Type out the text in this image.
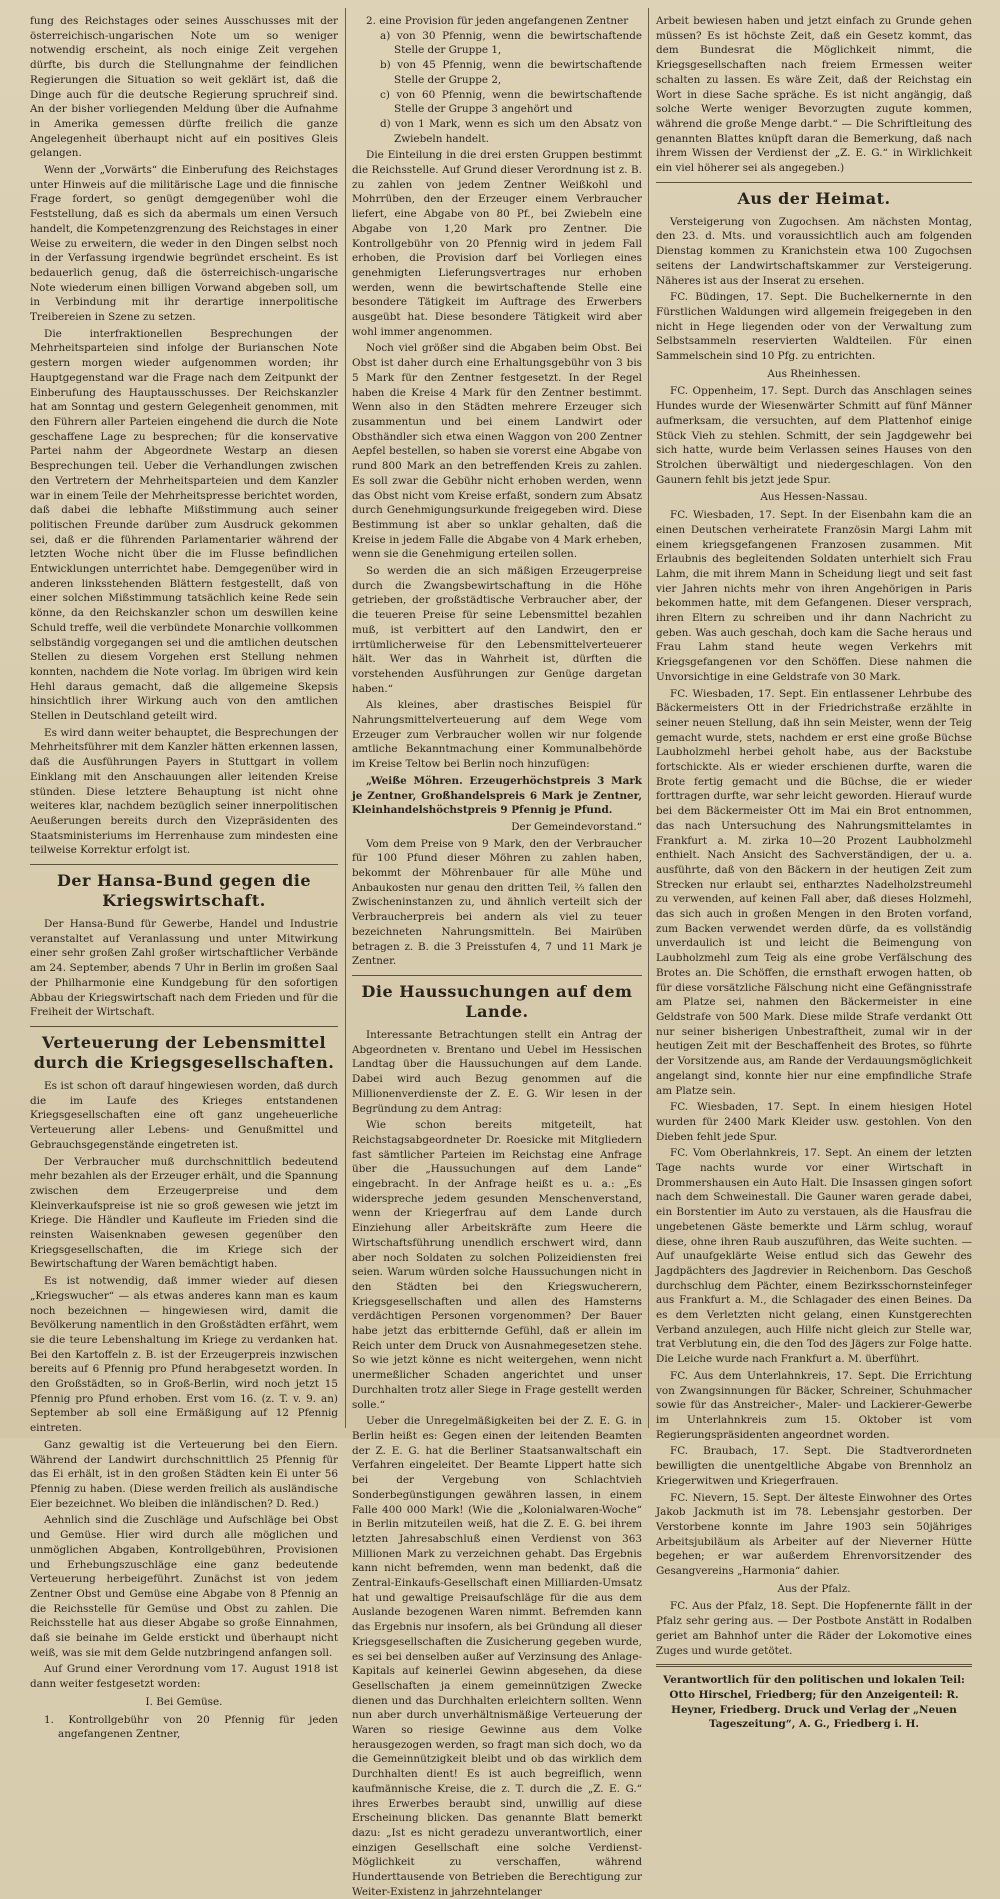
fung des Reichstages oder seines Ausschusses mit der österreichisch-ungarischen Note um so weniger notwendig erscheint, als noch einige Zeit vergehen dürfte, bis durch die Stellungnahme der feindlichen Regierungen die Situation so weit geklärt ist, daß die Dinge auch für die deutsche Regierung spruchreif sind. An der bisher vorliegenden Meldung über die Aufnahme in Amerika gemessen dürfte freilich die ganze Angelegenheit überhaupt nicht auf ein positives Gleis gelangen.

Wenn der „Vorwärts“ die Einberufung des Reichstages unter Hinweis auf die militärische Lage und die finnische Frage fordert, so genügt demgegenüber wohl die Feststellung, daß es sich da abermals um einen Versuch handelt, die Kompetenzgrenzung des Reichstages in einer Weise zu erweitern, die weder in den Dingen selbst noch in der Verfassung irgendwie begründet erscheint. Es ist bedauerlich genug, daß die österreichisch-ungarische Note wiederum einen billigen Vorwand abgeben soll, um in Verbindung mit ihr derartige innerpolitische Treibereien in Szene zu setzen.

Die interfraktionellen Besprechungen der Mehrheitsparteien sind infolge der Burianschen Note gestern morgen wieder aufgenommen worden; ihr Hauptgegenstand war die Frage nach dem Zeitpunkt der Einberufung des Hauptausschusses. Der Reichskanzler hat am Sonntag und gestern Gelegenheit genommen, mit den Führern aller Parteien eingehend die durch die Note geschaffene Lage zu besprechen; für die konservative Partei nahm der Abgeordnete Westarp an diesen Besprechungen teil. Ueber die Verhandlungen zwischen den Vertretern der Mehrheitsparteien und dem Kanzler war in einem Teile der Mehrheitspresse berichtet worden, daß dabei die lebhafte Mißstimmung auch seiner politischen Freunde darüber zum Ausdruck gekommen sei, daß er die führenden Parlamentarier während der letzten Woche nicht über die im Flusse befindlichen Entwicklungen unterrichtet habe. Demgegenüber wird in anderen linksstehenden Blättern festgestellt, daß von einer solchen Mißstimmung tatsächlich keine Rede sein könne, da den Reichskanzler schon um deswillen keine Schuld treffe, weil die verbündete Monarchie vollkommen selbständig vorgegangen sei und die amtlichen deutschen Stellen zu diesem Vorgehen erst Stellung nehmen konnten, nachdem die Note vorlag. Im übrigen wird kein Hehl daraus gemacht, daß die allgemeine Skepsis hinsichtlich ihrer Wirkung auch von den amtlichen Stellen in Deutschland geteilt wird.

Es wird dann weiter behauptet, die Besprechungen der Mehrheitsführer mit dem Kanzler hätten erkennen lassen, daß die Ausführungen Payers in Stuttgart in vollem Einklang mit den Anschauungen aller leitenden Kreise stünden. Diese letztere Behauptung ist nicht ohne weiteres klar, nachdem bezüglich seiner innerpolitischen Aeußerungen bereits durch den Vizepräsidenten des Staatsministeriums im Herrenhause zum mindesten eine teilweise Korrektur erfolgt ist.

Der Hansa-Bund gegen die Kriegswirtschaft.

Der Hansa-Bund für Gewerbe, Handel und Industrie veranstaltet auf Veranlassung und unter Mitwirkung einer sehr großen Zahl großer wirtschaftlicher Verbände am 24. September, abends 7 Uhr in Berlin im großen Saal der Philharmonie eine Kundgebung für den sofortigen Abbau der Kriegswirtschaft nach dem Frieden und für die Freiheit der Wirtschaft.

Verteuerung der Lebensmittel durch die Kriegsgesellschaften.

Es ist schon oft darauf hingewiesen worden, daß durch die im Laufe des Krieges entstandenen Kriegsgesellschaften eine oft ganz ungeheuerliche Verteuerung aller Lebens- und Genußmittel und Gebrauchsgegenstände eingetreten ist.

Der Verbraucher muß durchschnittlich bedeutend mehr bezahlen als der Erzeuger erhält, und die Spannung zwischen dem Erzeugerpreise und dem Kleinverkaufspreise ist nie so groß gewesen wie jetzt im Kriege. Die Händler und Kaufleute im Frieden sind die reinsten Waisenknaben gewesen gegenüber den Kriegsgesellschaften, die im Kriege sich der Bewirtschaftung der Waren bemächtigt haben.

Es ist notwendig, daß immer wieder auf diesen „Kriegswucher“ — als etwas anderes kann man es kaum noch bezeichnen — hingewiesen wird, damit die Bevölkerung namentlich in den Großstädten erfährt, wem sie die teure Lebenshaltung im Kriege zu verdanken hat. Bei den Kartoffeln z. B. ist der Erzeugerpreis inzwischen bereits auf 6 Pfennig pro Pfund herabgesetzt worden. In den Großstädten, so in Groß-Berlin, wird noch jetzt 15 Pfennig pro Pfund erhoben. Erst vom 16. (z. T. v. 9. an) September ab soll eine Ermäßigung auf 12 Pfennig eintreten.

Ganz gewaltig ist die Verteuerung bei den Eiern. Während der Landwirt durchschnittlich 25 Pfennig für das Ei erhält, ist in den großen Städten kein Ei unter 56 Pfennig zu haben. (Diese werden freilich als ausländische Eier bezeichnet. Wo bleiben die inländischen? D. Red.)

Aehnlich sind die Zuschläge und Aufschläge bei Obst und Gemüse. Hier wird durch alle möglichen und unmöglichen Abgaben, Kontrollgebühren, Provisionen und Erhebungszuschläge eine ganz bedeutende Verteuerung herbeigeführt. Zunächst ist von jedem Zentner Obst und Gemüse eine Abgabe von 8 Pfennig an die Reichsstelle für Gemüse und Obst zu zahlen. Die Reichsstelle hat aus dieser Abgabe so große Einnahmen, daß sie beinahe im Gelde erstickt und überhaupt nicht weiß, was sie mit dem Gelde nutzbringend anfangen soll.

Auf Grund einer Verordnung vom 17. August 1918 ist dann weiter festgesetzt worden:

I. Bei Gemüse.
1. Kontrollgebühr von 20 Pfennig für jeden angefangenen Zentner,
2. eine Provision für jeden angefangenen Zentner
a) von 30 Pfennig, wenn die bewirtschaftende Stelle der Gruppe 1,
b) von 45 Pfennig, wenn die bewirtschaftende Stelle der Gruppe 2,
c) von 60 Pfennig, wenn die bewirtschaftende Stelle der Gruppe 3 angehört und
d) von 1 Mark, wenn es sich um den Absatz von Zwiebeln handelt.

Die Einteilung in die drei ersten Gruppen bestimmt die Reichsstelle. Auf Grund dieser Verordnung ist z. B. zu zahlen von jedem Zentner Weißkohl und Mohrrüben, den der Erzeuger einem Verbraucher liefert, eine Abgabe von 80 Pf., bei Zwiebeln eine Abgabe von 1,20 Mark pro Zentner. Die Kontrollgebühr von 20 Pfennig wird in jedem Fall erhoben, die Provision darf bei Vorliegen eines genehmigten Lieferungsvertrages nur erhoben werden, wenn die bewirtschaftende Stelle eine besondere Tätigkeit im Auftrage des Erwerbers ausgeübt hat. Diese besondere Tätigkeit wird aber wohl immer angenommen.

Noch viel größer sind die Abgaben beim Obst. Bei Obst ist daher durch eine Erhaltungsgebühr von 3 bis 5 Mark für den Zentner festgesetzt. In der Regel haben die Kreise 4 Mark für den Zentner bestimmt. Wenn also in den Städten mehrere Erzeuger sich zusammentun und bei einem Landwirt oder Obsthändler sich etwa einen Waggon von 200 Zentner Aepfel bestellen, so haben sie vorerst eine Abgabe von rund 800 Mark an den betreffenden Kreis zu zahlen. Es soll zwar die Gebühr nicht erhoben werden, wenn das Obst nicht vom Kreise erfaßt, sondern zum Absatz durch Genehmigungsurkunde freigegeben wird. Diese Bestimmung ist aber so unklar gehalten, daß die Kreise in jedem Falle die Abgabe von 4 Mark erheben, wenn sie die Genehmigung erteilen sollen.

So werden die an sich mäßigen Erzeugerpreise durch die Zwangsbewirtschaftung in die Höhe getrieben, der großstädtische Verbraucher aber, der die teueren Preise für seine Lebensmittel bezahlen muß, ist verbittert auf den Landwirt, den er irrtümlicherweise für den Lebensmittelverteuerer hält. Wer das in Wahrheit ist, dürften die vorstehenden Ausführungen zur Genüge dargetan haben.“

Als kleines, aber drastisches Beispiel für Nahrungsmittelverteuerung auf dem Wege vom Erzeuger zum Verbraucher wollen wir nur folgende amtliche Bekanntmachung einer Kommunalbehörde im Kreise Teltow bei Berlin noch hinzufügen:

„Weiße Möhren. Erzeugerhöchstpreis 3 Mark je Zentner, Großhandelspreis 6 Mark je Zentner, Kleinhandelshöchstpreis 9 Pfennig je Pfund.

Der Gemeindevorstand.“

Vom dem Preise von 9 Mark, den der Verbraucher für 100 Pfund dieser Möhren zu zahlen haben, bekommt der Möhrenbauer für alle Mühe und Anbaukosten nur genau den dritten Teil, ⅔ fallen den Zwischeninstanzen zu, und ähnlich verteilt sich der Verbraucherpreis bei andern als viel zu teuer bezeichneten Nahrungsmitteln. Bei Mairüben betragen z. B. die 3 Preisstufen 4, 7 und 11 Mark je Zentner.

Die Haussuchungen auf dem Lande.

Interessante Betrachtungen stellt ein Antrag der Abgeordneten v. Brentano und Uebel im Hessischen Landtag über die Haussuchungen auf dem Lande. Dabei wird auch Bezug genommen auf die Millionenverdienste der Z. E. G. Wir lesen in der Begründung zu dem Antrag:

Wie schon bereits mitgeteilt, hat Reichstagsabgeordneter Dr. Roesicke mit Mitgliedern fast sämtlicher Parteien im Reichstag eine Anfrage über die „Haussuchungen auf dem Lande“ eingebracht. In der Anfrage heißt es u. a.: „Es widerspreche jedem gesunden Menschenverstand, wenn der Kriegerfrau auf dem Lande durch Einziehung aller Arbeitskräfte zum Heere die Wirtschaftsführung unendlich erschwert wird, dann aber noch Soldaten zu solchen Polizeidiensten frei seien. Warum würden solche Haussuchungen nicht in den Städten bei den Kriegswucherern, Kriegsgesellschaften und allen des Hamsterns verdächtigen Personen vorgenommen? Der Bauer habe jetzt das erbitternde Gefühl, daß er allein im Reich unter dem Druck von Ausnahmegesetzen stehe. So wie jetzt könne es nicht weitergehen, wenn nicht unermeßlicher Schaden angerichtet und unser Durchhalten trotz aller Siege in Frage gestellt werden solle.“

Ueber die Unregelmäßigkeiten bei der Z. E. G. in Berlin heißt es: Gegen einen der leitenden Beamten der Z. E. G. hat die Berliner Staatsanwaltschaft ein Verfahren eingeleitet. Der Beamte Lippert hatte sich bei der Vergebung von Schlachtvieh Sonderbegünstigungen gewähren lassen, in einem Falle 400 000 Mark! (Wie die „Kolonialwaren-Woche“ in Berlin mitzuteilen weiß, hat die Z. E. G. bei ihrem letzten Jahresabschluß einen Verdienst von 363 Millionen Mark zu verzeichnen gehabt. Das Ergebnis kann nicht befremden, wenn man bedenkt, daß die Zentral-Einkaufs-Gesellschaft einen Milliarden-Umsatz hat und gewaltige Preisaufschläge für die aus dem Auslande bezogenen Waren nimmt. Befremden kann das Ergebnis nur insofern, als bei Gründung all dieser Kriegsgesellschaften die Zusicherung gegeben wurde, es sei bei denselben außer auf Verzinsung des Anlage-Kapitals auf keinerlei Gewinn abgesehen, da diese Gesellschaften ja einem gemeinnützigen Zwecke dienen und das Durchhalten erleichtern sollten. Wenn nun aber durch unverhältnismäßige Verteuerung der Waren so riesige Gewinne aus dem Volke herausgezogen werden, so fragt man sich doch, wo da die Gemeinnützigkeit bleibt und ob das wirklich dem Durchhalten dient! Es ist auch begreiflich, wenn kaufmännische Kreise, die z. T. durch die „Z. E. G.“ ihres Erwerbes beraubt sind, unwillig auf diese Erscheinung blicken. Das genannte Blatt bemerkt dazu: „Ist es nicht geradezu unverantwortlich, einer einzigen Gesellschaft eine solche Verdienst-Möglichkeit zu verschaffen, während Hunderttausende von Betrieben die Berechtigung zur Weiter-Existenz in jahrzehntelanger

Arbeit bewiesen haben und jetzt einfach zu Grunde gehen müssen? Es ist höchste Zeit, daß ein Gesetz kommt, das dem Bundesrat die Möglichkeit nimmt, die Kriegsgesellschaften nach freiem Ermessen weiter schalten zu lassen. Es wäre Zeit, daß der Reichstag ein Wort in diese Sache spräche. Es ist nicht angängig, daß solche Werte weniger Bevorzugten zugute kommen, während die große Menge darbt.“ — Die Schriftleitung des genannten Blattes knüpft daran die Bemerkung, daß nach ihrem Wissen der Verdienst der „Z. E. G.“ in Wirklichkeit ein viel höherer sei als angegeben.)

Aus der Heimat.

Versteigerung von Zugochsen. Am nächsten Montag, den 23. d. Mts. und voraussichtlich auch am folgenden Dienstag kommen zu Kranichstein etwa 100 Zugochsen seitens der Landwirtschaftskammer zur Versteigerung. Näheres ist aus der Inserat zu ersehen.

FC. Büdingen, 17. Sept. Die Buchelkernernte in den Fürstlichen Waldungen wird allgemein freigegeben in den nicht in Hege liegenden oder von der Verwaltung zum Selbstsammeln reservierten Waldteilen. Für einen Sammelschein sind 10 Pfg. zu entrichten.

Aus Rheinhessen.

FC. Oppenheim, 17. Sept. Durch das Anschlagen seines Hundes wurde der Wiesenwärter Schmitt auf fünf Männer aufmerksam, die versuchten, auf dem Plattenhof einige Stück Vieh zu stehlen. Schmitt, der sein Jagdgewehr bei sich hatte, wurde beim Verlassen seines Hauses von den Strolchen überwältigt und niedergeschlagen. Von den Gaunern fehlt bis jetzt jede Spur.

Aus Hessen-Nassau.

FC. Wiesbaden, 17. Sept. In der Eisenbahn kam die an einen Deutschen verheiratete Französin Margi Lahm mit einem kriegsgefangenen Franzosen zusammen. Mit Erlaubnis des begleitenden Soldaten unterhielt sich Frau Lahm, die mit ihrem Mann in Scheidung liegt und seit fast vier Jahren nichts mehr von ihren Angehörigen in Paris bekommen hatte, mit dem Gefangenen. Dieser versprach, ihren Eltern zu schreiben und ihr dann Nachricht zu geben. Was auch geschah, doch kam die Sache heraus und Frau Lahm stand heute wegen Verkehrs mit Kriegsgefangenen vor den Schöffen. Diese nahmen die Unvorsichtige in eine Geldstrafe von 30 Mark.

FC. Wiesbaden, 17. Sept. Ein entlassener Lehrbube des Bäckermeisters Ott in der Friedrichstraße erzählte in seiner neuen Stellung, daß ihn sein Meister, wenn der Teig gemacht wurde, stets, nachdem er erst eine große Büchse Laubholzmehl herbei geholt habe, aus der Backstube fortschickte. Als er wieder erschienen durfte, waren die Brote fertig gemacht und die Büchse, die er wieder forttragen durfte, war sehr leicht geworden. Hierauf wurde bei dem Bäckermeister Ott im Mai ein Brot entnommen, das nach Untersuchung des Nahrungsmittelamtes in Frankfurt a. M. zirka 10—20 Prozent Laubholzmehl enthielt. Nach Ansicht des Sachverständigen, der u. a. ausführte, daß von den Bäckern in der heutigen Zeit zum Strecken nur erlaubt sei, entharztes Nadelholzstreumehl zu verwenden, auf keinen Fall aber, daß dieses Holzmehl, das sich auch in großen Mengen in den Broten vorfand, zum Backen verwendet werden dürfe, da es vollständig unverdaulich ist und leicht die Beimengung von Laubholzmehl zum Teig als eine grobe Verfälschung des Brotes an. Die Schöffen, die ernsthaft erwogen hatten, ob für diese vorsätzliche Fälschung nicht eine Gefängnisstrafe am Platze sei, nahmen den Bäckermeister in eine Geldstrafe von 500 Mark. Diese milde Strafe verdankt Ott nur seiner bisherigen Unbestraftheit, zumal wir in der heutigen Zeit mit der Beschaffenheit des Brotes, so führte der Vorsitzende aus, am Rande der Verdauungsmöglichkeit angelangt sind, konnte hier nur eine empfindliche Strafe am Platze sein.

FC. Wiesbaden, 17. Sept. In einem hiesigen Hotel wurden für 2400 Mark Kleider usw. gestohlen. Von den Dieben fehlt jede Spur.

FC. Vom Oberlahnkreis, 17. Sept. An einem der letzten Tage nachts wurde vor einer Wirtschaft in Drommershausen ein Auto Halt. Die Insassen gingen sofort nach dem Schweinestall. Die Gauner waren gerade dabei, ein Borstentier im Auto zu verstauen, als die Hausfrau die ungebetenen Gäste bemerkte und Lärm schlug, worauf diese, ohne ihren Raub auszuführen, das Weite suchten. — Auf unaufgeklärte Weise entlud sich das Gewehr des Jagdpächters des Jagdrevier in Reichenborn. Das Geschoß durchschlug dem Pächter, einem Bezirksschornsteinfeger aus Frankfurt a. M., die Schlagader des einen Beines. Da es dem Verletzten nicht gelang, einen Kunstgerechten Verband anzulegen, auch Hilfe nicht gleich zur Stelle war, trat Verblutung ein, die den Tod des Jägers zur Folge hatte. Die Leiche wurde nach Frankfurt a. M. überführt.

FC. Aus dem Unterlahnkreis, 17. Sept. Die Errichtung von Zwangsinnungen für Bäcker, Schreiner, Schuhmacher sowie für das Anstreicher-, Maler- und Lackierer-Gewerbe im Unterlahnkreis zum 15. Oktober ist vom Regierungspräsidenten angeordnet worden.

FC. Braubach, 17. Sept. Die Stadtverordneten bewilligten die unentgeltliche Abgabe von Brennholz an Kriegerwitwen und Kriegerfrauen.

FC. Nievern, 15. Sept. Der älteste Einwohner des Ortes Jakob Jackmuth ist im 78. Lebensjahr gestorben. Der Verstorbene konnte im Jahre 1903 sein 50jähriges Arbeitsjubiläum als Arbeiter auf der Nieverner Hütte begehen; er war außerdem Ehrenvorsitzender des Gesangvereins „Harmonia“ dahier.

Aus der Pfalz.

FC. Aus der Pfalz, 18. Sept. Die Hopfenernte fällt in der Pfalz sehr gering aus. — Der Postbote Anstätt in Rodalben geriet am Bahnhof unter die Räder der Lokomotive eines Zuges und wurde getötet.

Verantwortlich für den politischen und lokalen Teil: Otto Hirschel, Friedberg; für den Anzeigenteil: R. Heyner, Friedberg. Druck und Verlag der „Neuen Tageszeitung“, A. G., Friedberg i. H.
